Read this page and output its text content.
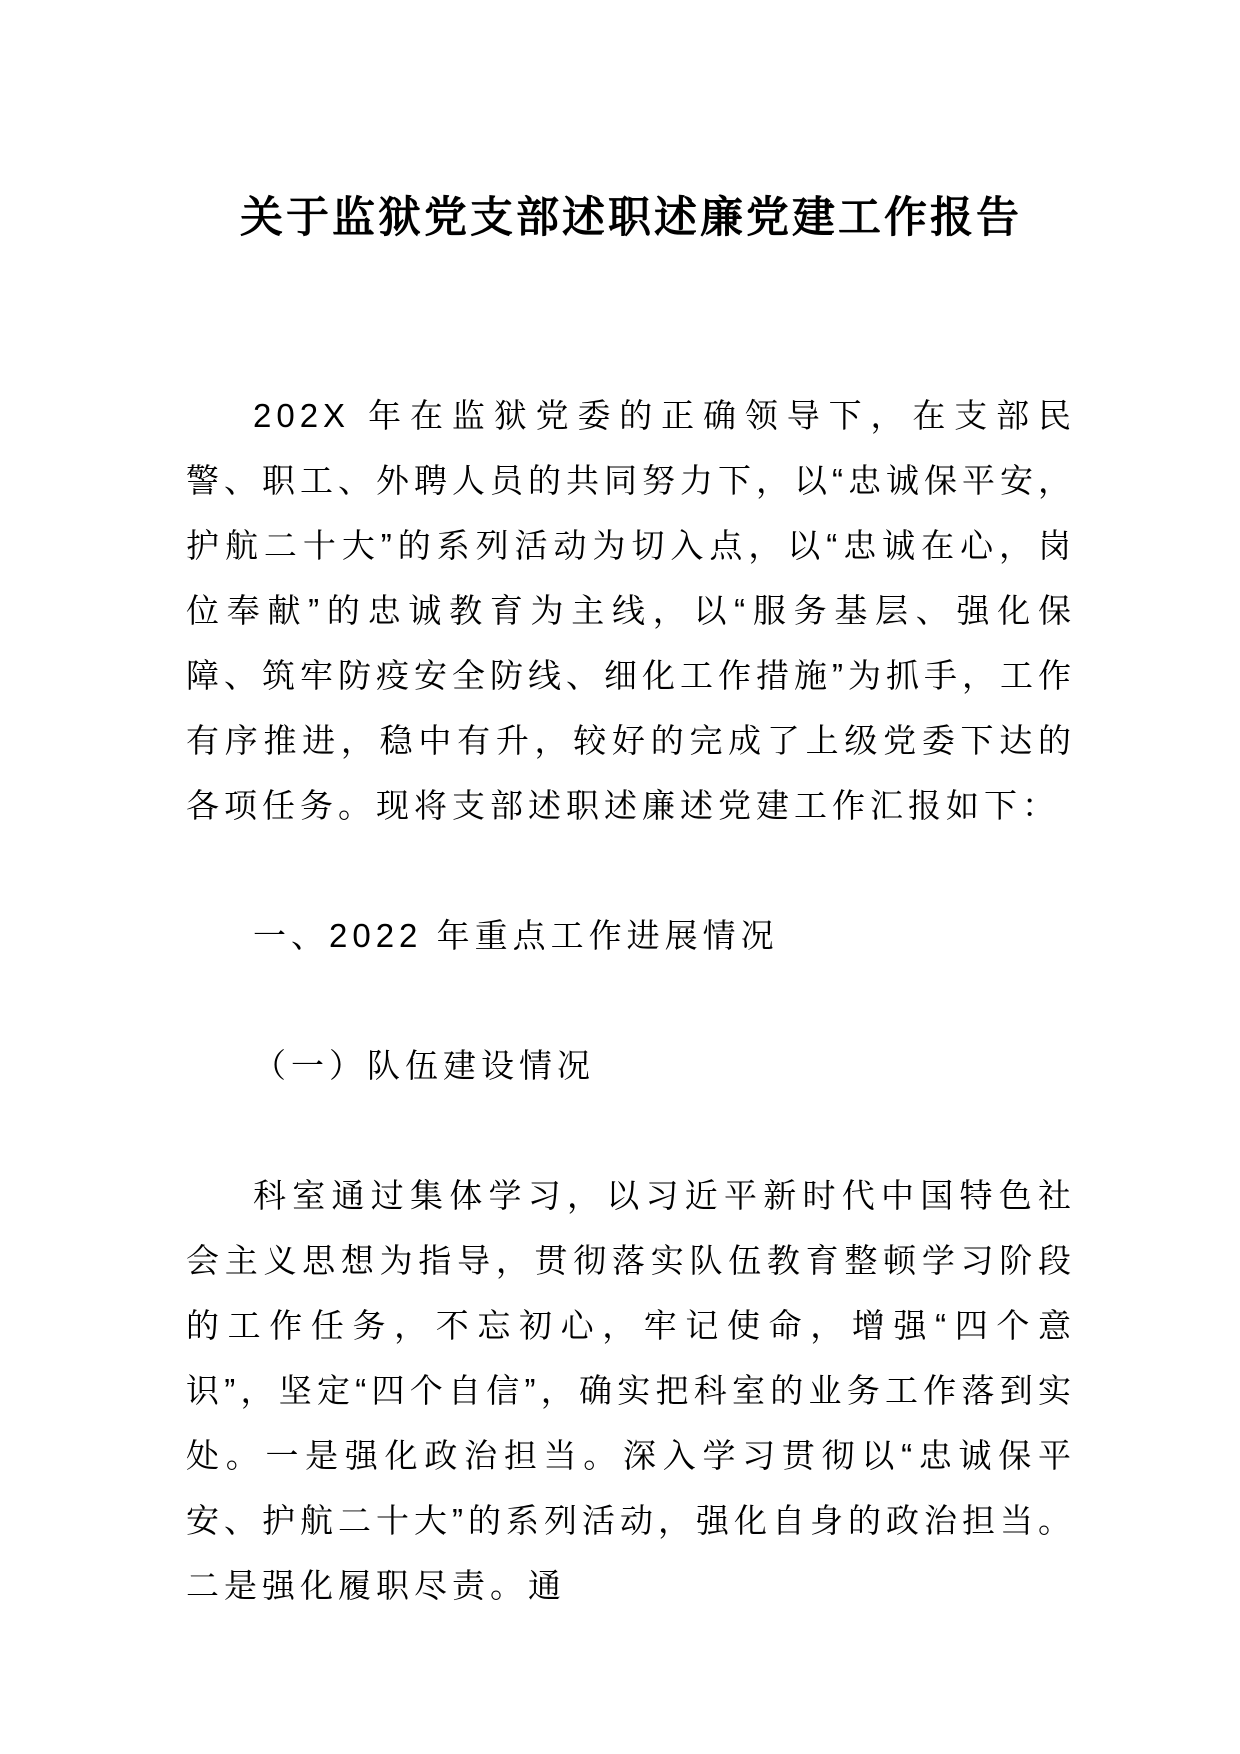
关于监狱党支部述职述廉党建工作报告

202X 年在监狱党委的正确领导下，在支部民警、职工、外聘人员的共同努力下，以“忠诚保平安，护航二十大”的系列活动为切入点，以“忠诚在心，岗位奉献”的忠诚教育为主线，以“服务基层、强化保障、筑牢防疫安全防线、细化工作措施”为抓手，工作有序推进，稳中有升，较好的完成了上级党委下达的各项任务。现将支部述职述廉述党建工作汇报如下：

一、2022 年重点工作进展情况

（一）队伍建设情况

科室通过集体学习，以习近平新时代中国特色社会主义思想为指导，贯彻落实队伍教育整顿学习阶段的工作任务，不忘初心，牢记使命，增强“四个意识”，坚定“四个自信”，确实把科室的业务工作落到实处。一是强化政治担当。深入学习贯彻以“忠诚保平安、护航二十大”的系列活动，强化自身的政治担当。二是强化履职尽责。通
